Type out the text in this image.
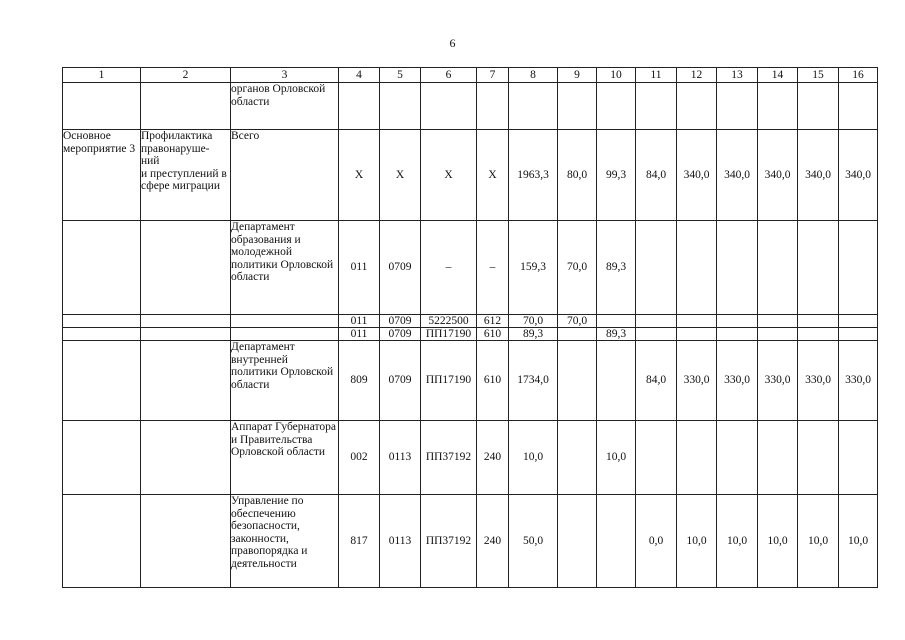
6
1	2	3	4	5	6	7	8	9	10	11	12	13	14	15	16
		органов Орловской области													
Основное мероприятие 3	Профилактика правонаруше-
ний
и преступлений в сфере миграции	Всего	Х	Х	Х	Х	1963,3	80,0	99,3	84,0	340,0	340,0	340,0	340,0	340,0
		Департамент образования и молодежной политики Орловской области	011	0709	–	–	159,3	70,0	89,3						
			011	0709	5222500	612	70,0	70,0							
			011	0709	ПП17190	610	89,3		89,3						
		Департамент внутренней политики Орловской области	809	0709	ПП17190	610	1734,0			84,0	330,0	330,0	330,0	330,0	330,0
		Аппарат Губернатора и Правительства Орловской области	002	0113	ПП37192	240	10,0		10,0						
		Управление по обеспечению безопасности, законности, правопорядка и деятельности	817	0113	ПП37192	240	50,0			0,0	10,0	10,0	10,0	10,0	10,0
